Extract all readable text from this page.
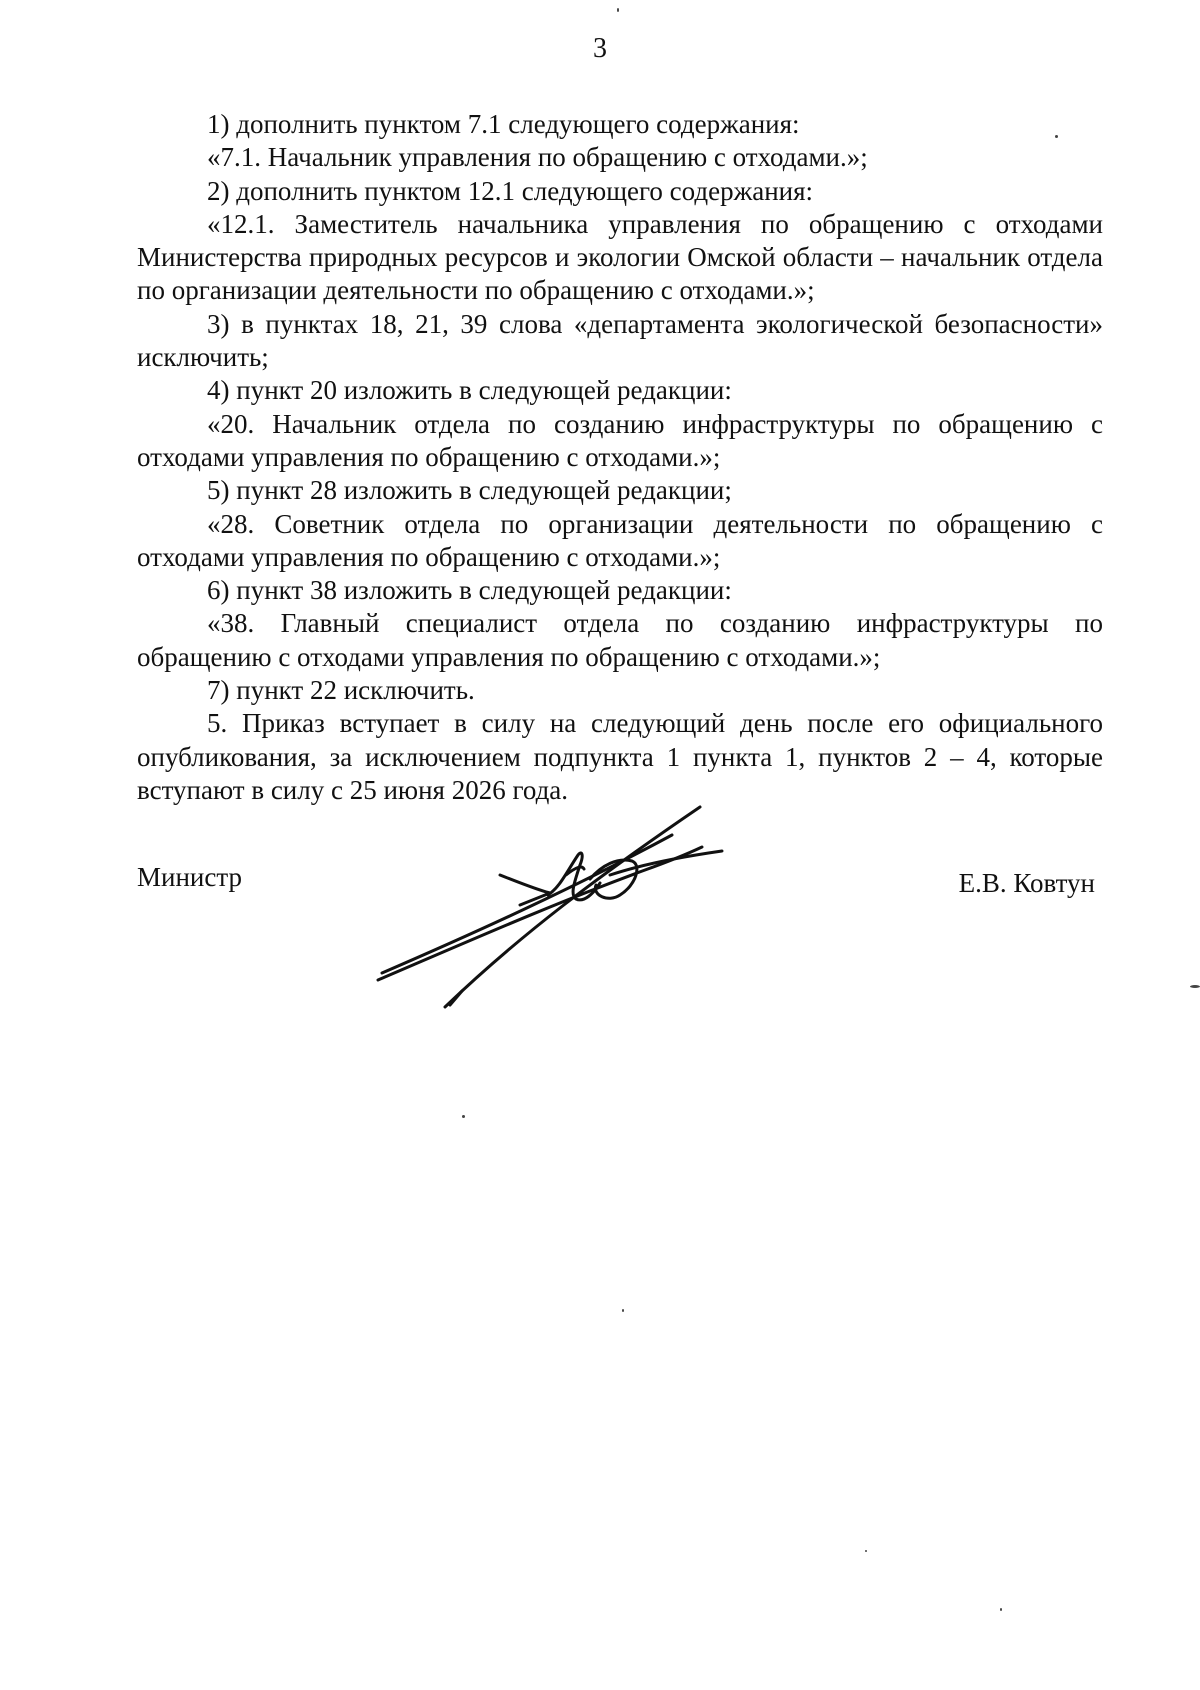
3

1) дополнить пунктом 7.1 следующего содержания:

«7.1. Начальник управления по обращению с отходами.»;

2) дополнить пунктом 12.1 следующего содержания:

«12.1. Заместитель начальника управления по обращению с отходами Министерства природных ресурсов и экологии Омской области – начальник отдела по организации деятельности по обращению с отходами.»;

3) в пунктах 18, 21, 39 слова «департамента экологической безопасности» исключить;

4) пункт 20 изложить в следующей редакции:

«20. Начальник отдела по созданию инфраструктуры по обращению с отходами управления по обращению с отходами.»;

5) пункт 28 изложить в следующей редакции;

«28. Советник отдела по организации деятельности по обращению с отходами управления по обращению с отходами.»;

6) пункт 38 изложить в следующей редакции:

«38. Главный специалист отдела по созданию инфраструктуры по обращению с отходами управления по обращению с отходами.»;

7) пункт 22 исключить.

5. Приказ вступает в силу на следующий день после его официального опубликования, за исключением подпункта 1 пункта 1, пунктов 2 – 4, которые вступают в силу с 25 июня 2026 года.

Министр	Е.В. Ковтун
